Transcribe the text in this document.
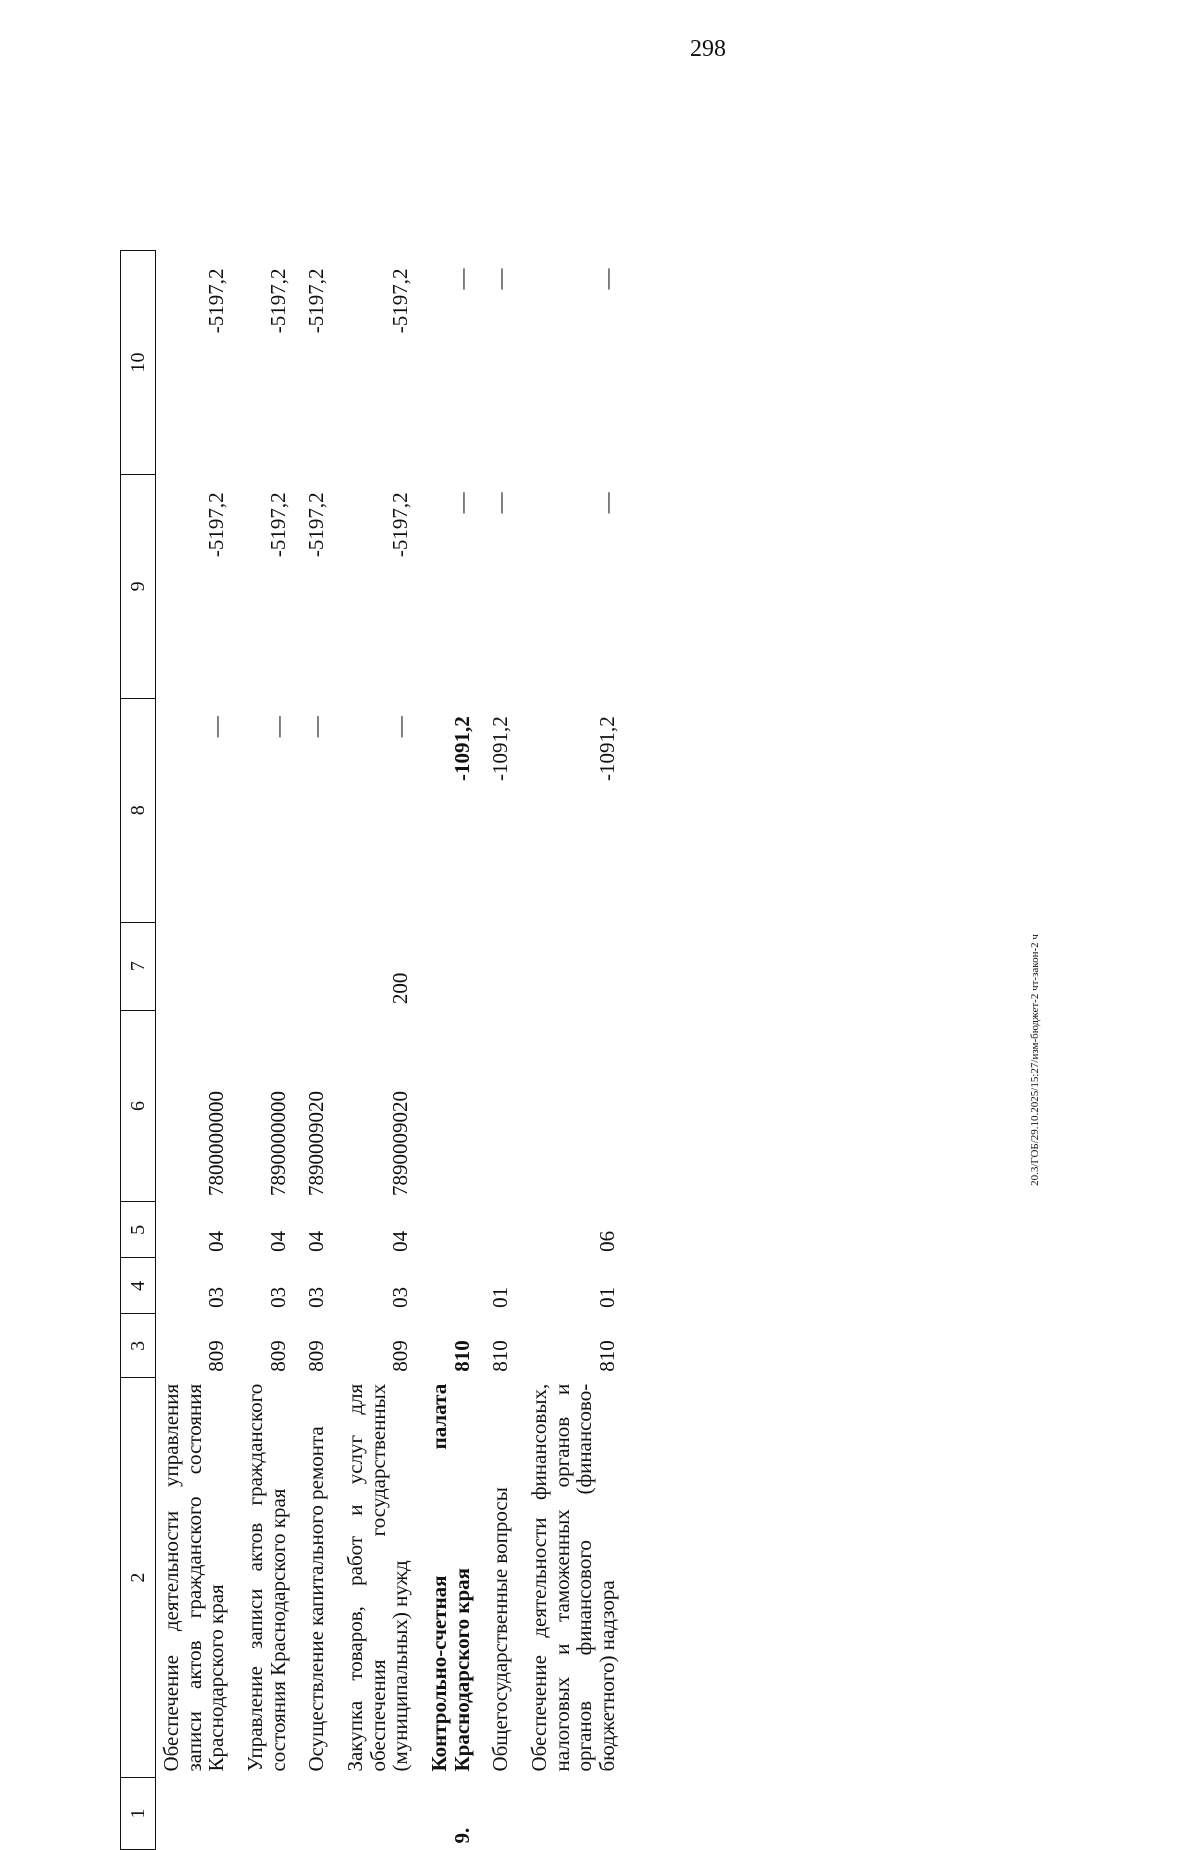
298
1	2	3	4	5	6	7	8	9	10
	Обеспечение деятельности управления записи актов гражданского состояния Краснодарского края	809	03	04	7800000000		—	-5197,2	-5197,2
	Управление записи актов гражданского состояния Краснодарского края	809	03	04	7890000000		—	-5197,2	-5197,2
	Осуществление капитального ремонта	809	03	04	7890009020		—	-5197,2	-5197,2
	Закупка товаров, работ и услуг для обеспечения государственных (муниципальных) нужд	809	03	04	7890009020	200	—	-5197,2	-5197,2
9.	Контрольно-счетная палата Краснодарского края	810					-1091,2	—	—
	Общегосударственные вопросы	810	01				-1091,2	—	—
	Обеспечение деятельности финансовых, налоговых и таможенных органов и органов финансового (финансово-бюджетного) надзора	810	01	06			-1091,2	—	—
20.3/ГОБ/29.10.2025/15:27/изм-бюджет-2 чт-закон-2 ч
